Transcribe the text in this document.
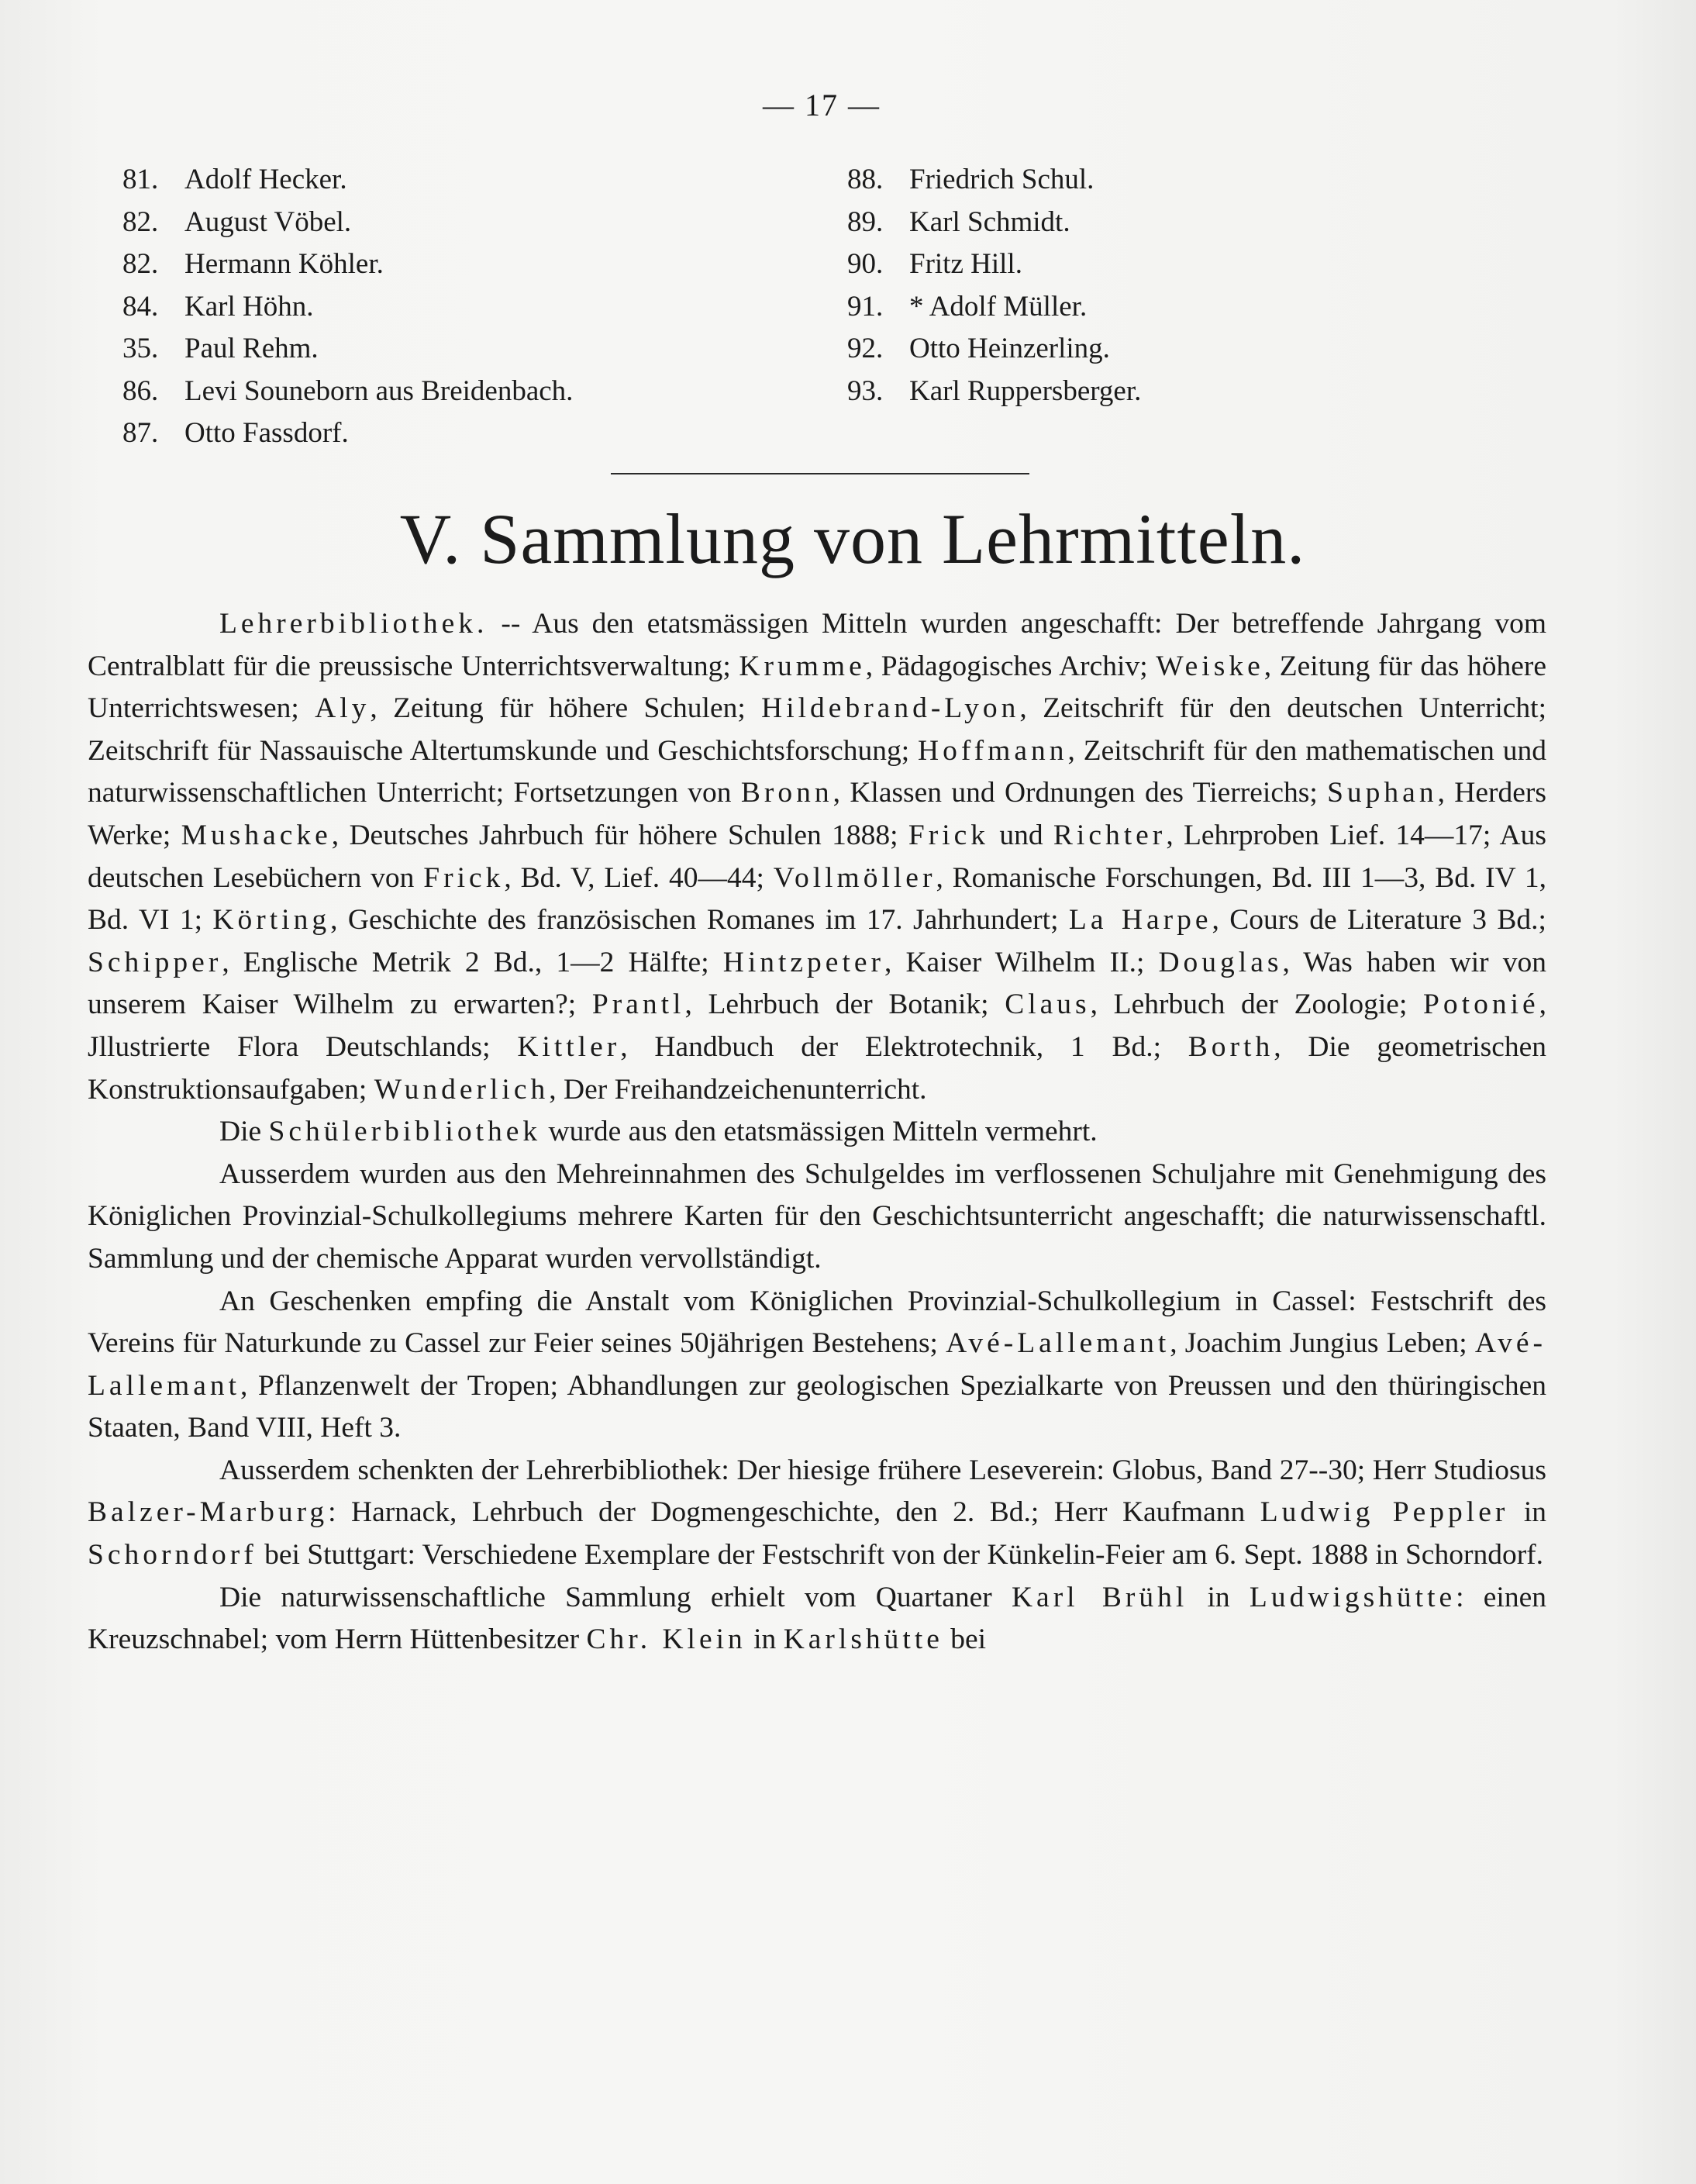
— 17 —
81. Adolf Hecker.
82. August Vöbel.
82. Hermann Köhler.
84. Karl Höhn.
35. Paul Rehm.
86. Levi Souneborn aus Breidenbach.
87. Otto Fassdorf.
88. Friedrich Schul.
89. Karl Schmidt.
90. Fritz Hill.
91. * Adolf Müller.
92. Otto Heinzerling.
93. Karl Ruppersberger.
V. Sammlung von Lehrmitteln.

Lehrerbibliothek. -- Aus den etatsmässigen Mitteln wurden angeschafft: Der betreffende Jahrgang vom Centralblatt für die preussische Unterrichtsverwaltung; Krumme, Pädagogisches Archiv; Weiske, Zeitung für das höhere Unterrichtswesen; Aly, Zeitung für höhere Schulen; Hildebrand-Lyon, Zeitschrift für den deutschen Unterricht; Zeitschrift für Nassauische Altertumskunde und Geschichtsforschung; Hoffmann, Zeitschrift für den mathematischen und naturwissenschaftlichen Unterricht; Fortsetzungen von Bronn, Klassen und Ordnungen des Tierreichs; Suphan, Herders Werke; Mushacke, Deutsches Jahrbuch für höhere Schulen 1888; Frick und Richter, Lehrproben Lief. 14—17; Aus deutschen Lesebüchern von Frick, Bd. V, Lief. 40—44; Vollmöller, Romanische Forschungen, Bd. III 1—3, Bd. IV 1, Bd. VI 1; Körting, Geschichte des französischen Romanes im 17. Jahrhundert; La Harpe, Cours de Literature 3 Bd.; Schipper, Englische Metrik 2 Bd., 1—2 Hälfte; Hintzpeter, Kaiser Wilhelm II.; Douglas, Was haben wir von unserem Kaiser Wilhelm zu erwarten?; Prantl, Lehrbuch der Botanik; Claus, Lehrbuch der Zoologie; Potonié, Jllustrierte Flora Deutschlands; Kittler, Handbuch der Elektrotechnik, 1 Bd.; Borth, Die geometrischen Konstruktionsaufgaben; Wunderlich, Der Freihandzeichenunterricht.

Die Schülerbibliothek wurde aus den etatsmässigen Mitteln vermehrt.

Ausserdem wurden aus den Mehreinnahmen des Schulgeldes im verflossenen Schuljahre mit Genehmigung des Königlichen Provinzial-Schulkollegiums mehrere Karten für den Geschichtsunterricht angeschafft; die naturwissenschaftl. Sammlung und der chemische Apparat wurden vervollständigt.

An Geschenken empfing die Anstalt vom Königlichen Provinzial-Schulkollegium in Cassel: Festschrift des Vereins für Naturkunde zu Cassel zur Feier seines 50jährigen Bestehens; Avé-Lallemant, Joachim Jungius Leben; Avé-Lallemant, Pflanzenwelt der Tropen; Abhandlungen zur geologischen Spezialkarte von Preussen und den thüringischen Staaten, Band VIII, Heft 3.

Ausserdem schenkten der Lehrerbibliothek: Der hiesige frühere Leseverein: Globus, Band 27--30; Herr Studiosus Balzer-Marburg: Harnack, Lehrbuch der Dogmengeschichte, den 2. Bd.; Herr Kaufmann Ludwig Peppler in Schorndorf bei Stuttgart: Verschiedene Exemplare der Festschrift von der Künkelin-Feier am 6. Sept. 1888 in Schorndorf.

Die naturwissenschaftliche Sammlung erhielt vom Quartaner Karl Brühl in Ludwigshütte: einen Kreuzschnabel; vom Herrn Hüttenbesitzer Chr. Klein in Karlshütte bei
